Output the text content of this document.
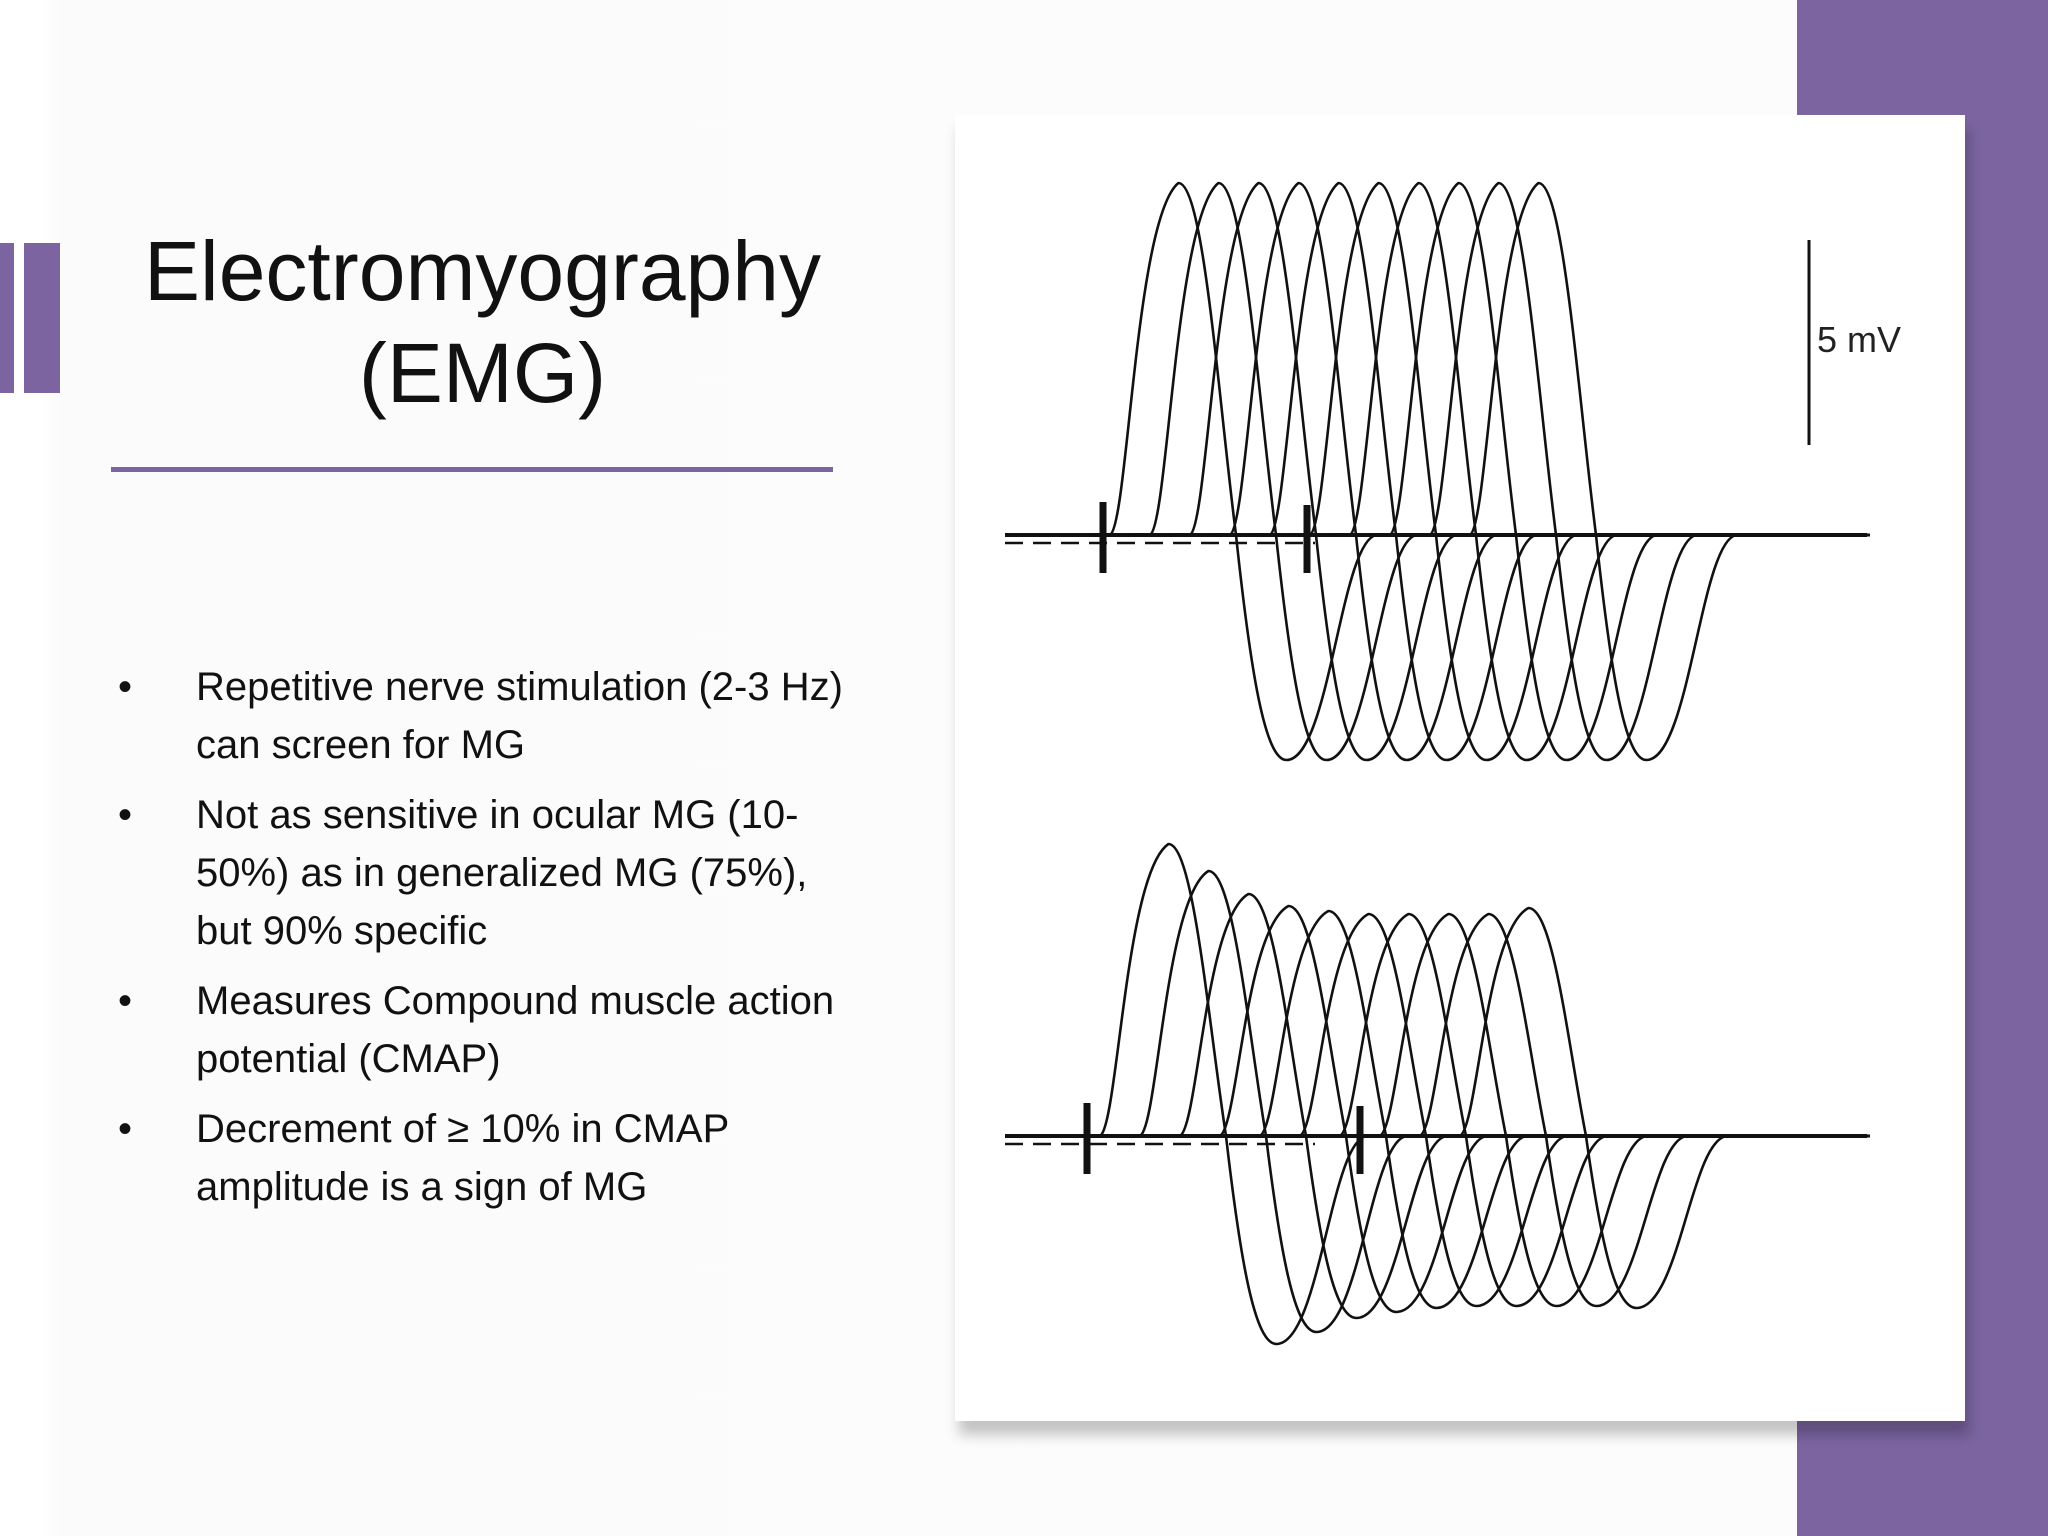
Electromyography
(EMG)
• Repetitive nerve stimulation (2-3 Hz) can screen for MG
• Not as sensitive in ocular MG (10-50%) as in generalized MG (75%), but 90% specific
• Measures Compound muscle action potential (CMAP)
• Decrement of ≥ 10% in CMAP amplitude is a sign of MG
5 mV
